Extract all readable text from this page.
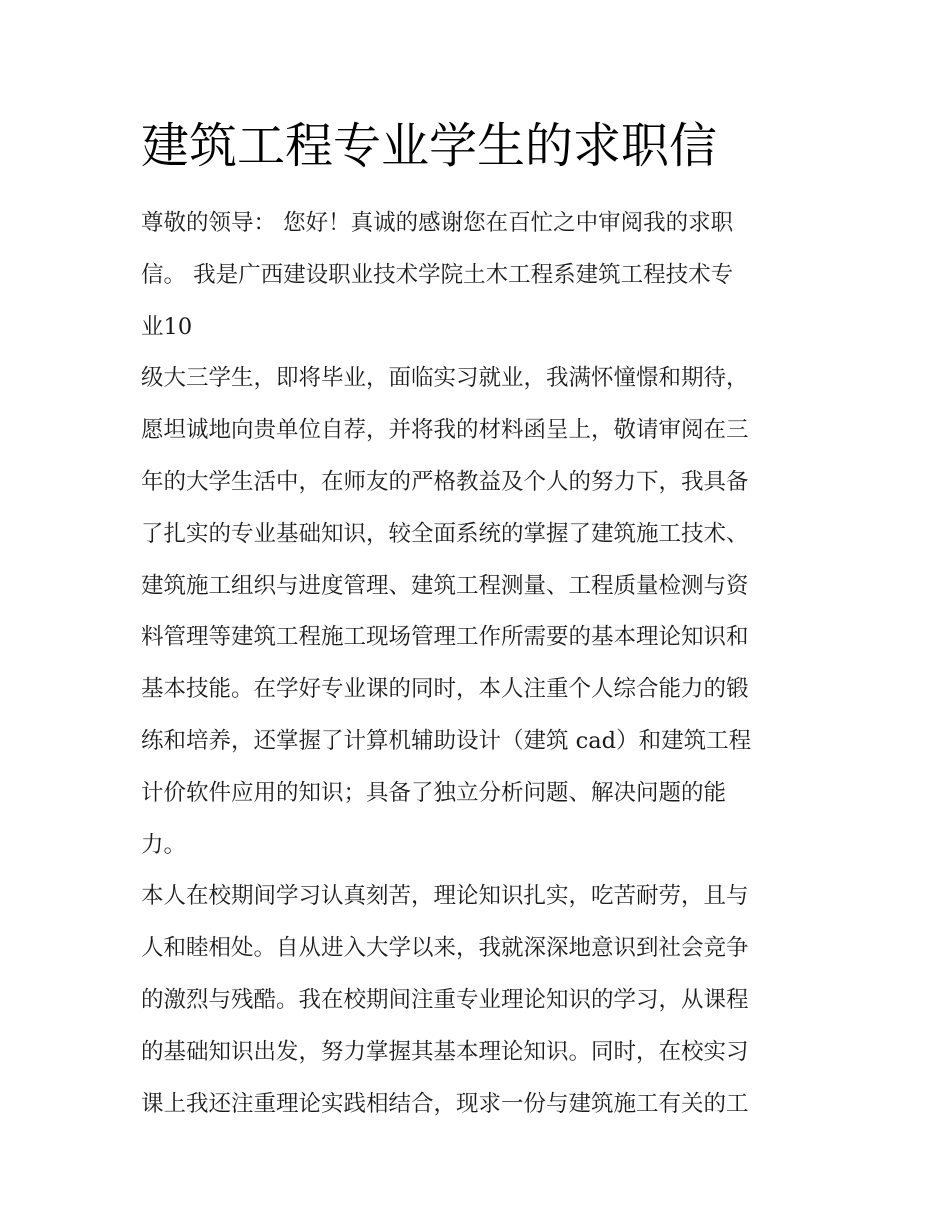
建筑工程专业学生的求职信
尊敬的领导： 您好！真诚的感谢您在百忙之中审阅我的求职
信。 我是广西建设职业技术学院土木工程系建筑工程技术专
业10
级大三学生，即将毕业，面临实习就业，我满怀憧憬和期待，
愿坦诚地向贵单位自荐，并将我的材料函呈上，敬请审阅在三
年的大学生活中，在师友的严格教益及个人的努力下，我具备
了扎实的专业基础知识，较全面系统的掌握了建筑施工技术、
建筑施工组织与进度管理、建筑工程测量、工程质量检测与资
料管理等建筑工程施工现场管理工作所需要的基本理论知识和
基本技能。在学好专业课的同时，本人注重个人综合能力的锻
练和培养，还掌握了计算机辅助设计（建筑 cad）和建筑工程
计价软件应用的知识；具备了独立分析问题、解决问题的能
力。
本人在校期间学习认真刻苦，理论知识扎实，吃苦耐劳，且与
人和睦相处。自从进入大学以来，我就深深地意识到社会竞争
的激烈与残酷。我在校期间注重专业理论知识的学习，从课程
的基础知识出发，努力掌握其基本理论知识。同时，在校实习
课上我还注重理论实践相结合，现求一份与建筑施工有关的工
